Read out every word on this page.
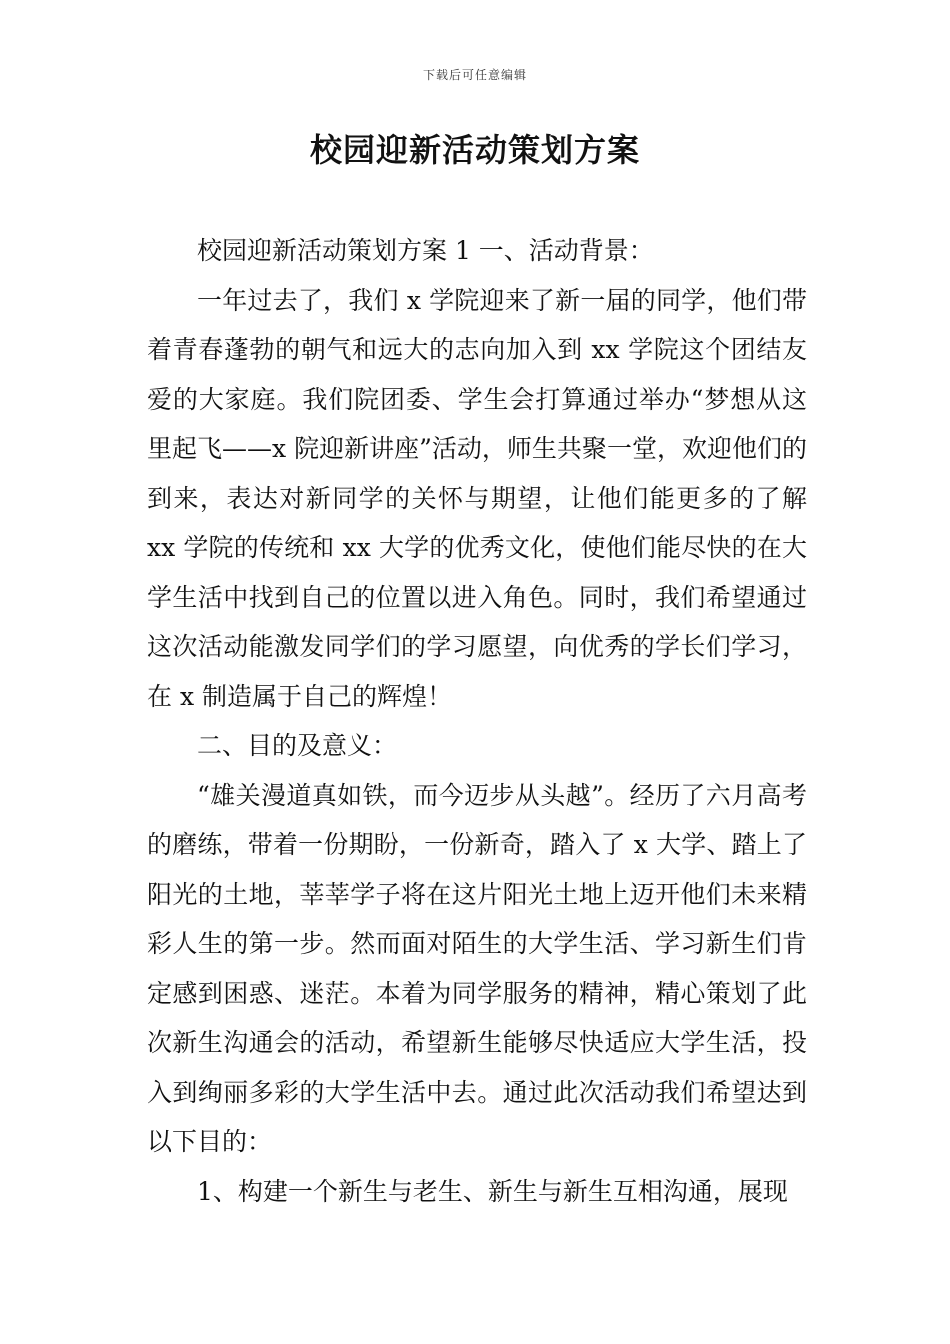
下载后可任意编辑
校园迎新活动策划方案

校园迎新活动策划方案 1 一、活动背景：

一年过去了，我们 x 学院迎来了新一届的同学，他们带着青春蓬勃的朝气和远大的志向加入到 xx 学院这个团结友爱的大家庭。我们院团委、学生会打算通过举办“梦想从这里起飞——x 院迎新讲座”活动，师生共聚一堂，欢迎他们的到来，表达对新同学的关怀与期望，让他们能更多的了解 xx 学院的传统和 xx 大学的优秀文化，使他们能尽快的在大学生活中找到自己的位置以进入角色。同时，我们希望通过这次活动能激发同学们的学习愿望，向优秀的学长们学习，在 x 制造属于自己的辉煌！

二、目的及意义：

“雄关漫道真如铁，而今迈步从头越”。经历了六月高考的磨练，带着一份期盼，一份新奇，踏入了 x 大学、踏上了阳光的土地，莘莘学子将在这片阳光土地上迈开他们未来精彩人生的第一步。然而面对陌生的大学生活、学习新生们肯定感到困惑、迷茫。本着为同学服务的精神，精心策划了此次新生沟通会的活动，希望新生能够尽快适应大学生活，投入到绚丽多彩的大学生活中去。通过此次活动我们希望达到以下目的：

1、构建一个新生与老生、新生与新生互相沟通，展现
